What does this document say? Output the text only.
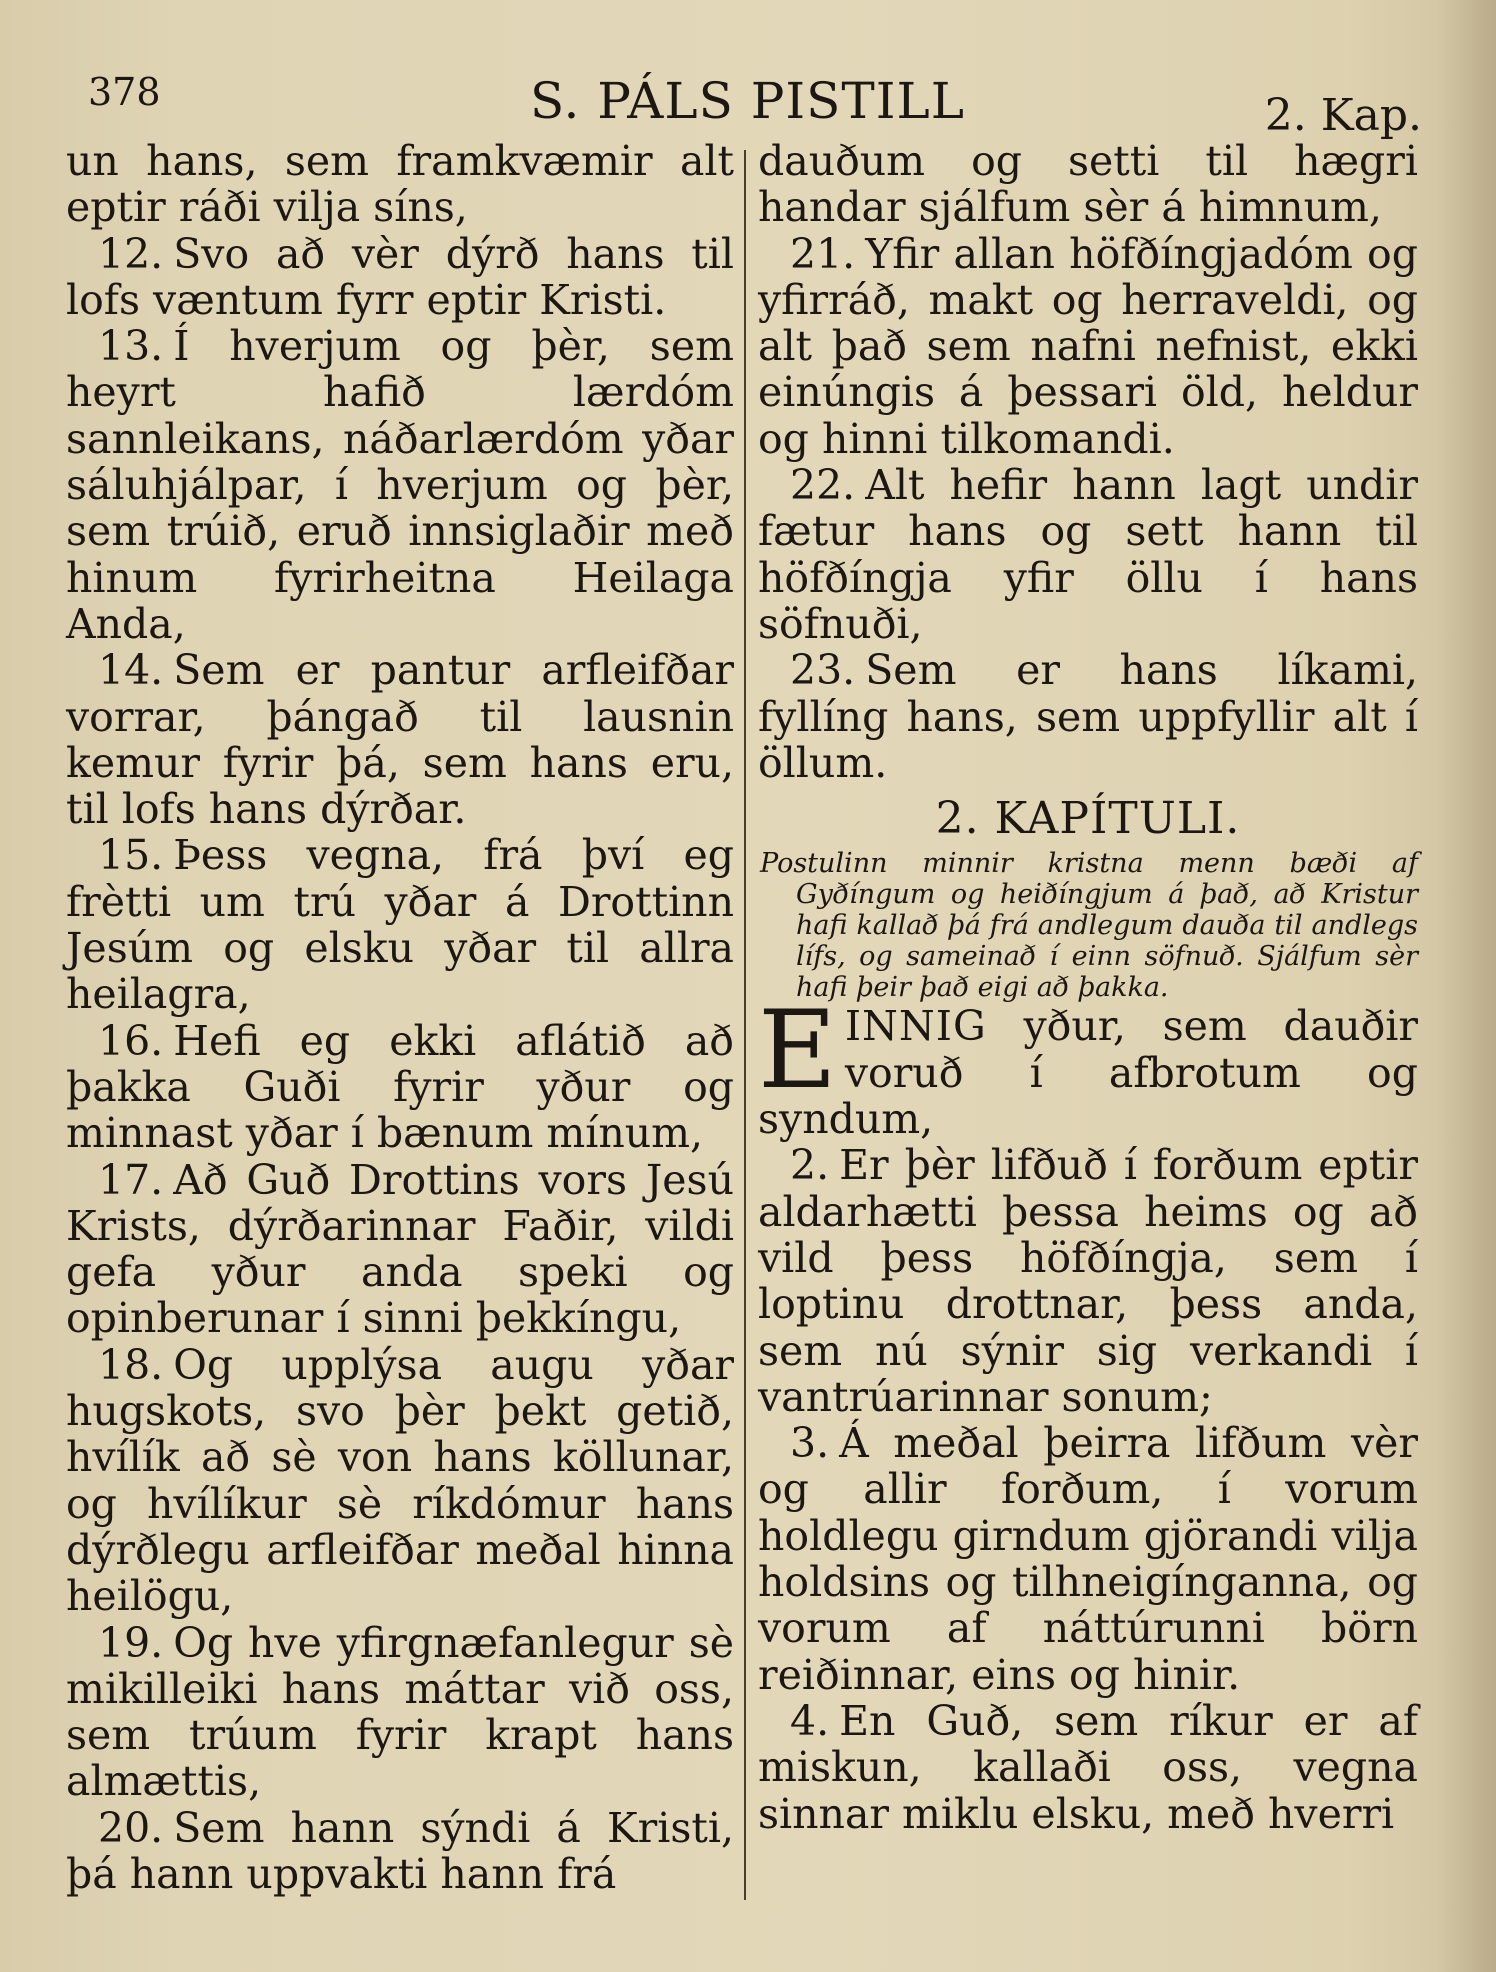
378	S. PÁLS PISTILL	2. Kap.

un hans, sem framkvæmir alt eptir ráði vilja síns,

12. Svo að vèr dýrð hans til lofs væntum fyrr eptir Kristi.

13. Í hverjum og þèr, sem heyrt hafið lærdóm sannleikans, náðarlærdóm yðar sáluhjálpar, í hverjum og þèr, sem trúið, eruð innsiglaðir með hinum fyrirheitna Heilaga Anda,

14. Sem er pantur arfleifðar vorrar, þángað til lausnin kemur fyrir þá, sem hans eru, til lofs hans dýrðar.

15. Þess vegna, frá því eg frètti um trú yðar á Drottinn Jesúm og elsku yðar til allra heilagra,

16. Hefi eg ekki aflátið að þakka Guði fyrir yður og minnast yðar í bænum mínum,

17. Að Guð Drottins vors Jesú Krists, dýrðarinnar Faðir, vildi gefa yður anda speki og opinberunar í sinni þekkíngu,

18. Og upplýsa augu yðar hugskots, svo þèr þekt getið, hvílík að sè von hans köllunar, og hvílíkur sè ríkdómur hans dýrðlegu arfleifðar meðal hinna heilögu,

19. Og hve yfirgnæfanlegur sè mikilleiki hans máttar við oss, sem trúum fyrir krapt hans almættis,

20. Sem hann sýndi á Kristi, þá hann uppvakti hann frá

dauðum og setti til hægri handar sjálfum sèr á himnum,

21. Yfir allan höfðíngjadóm og yfirráð, makt og herraveldi, og alt það sem nafni nefnist, ekki einúngis á þessari öld, heldur og hinni tilkomandi.

22. Alt hefir hann lagt undir fætur hans og sett hann til höfðíngja yfir öllu í hans söfnuði,

23. Sem er hans líkami, fyllíng hans, sem uppfyllir alt í öllum.

2. KAPÍTULI.

Postulinn minnir kristna menn bæði af Gyðíngum og heiðíngjum á það, að Kristur hafi kallað þá frá andlegum dauða til andlegs lífs, og sameinað í einn söfnuð. Sjálfum sèr hafi þeir það eigi að þakka.

EINNIG yður, sem dauðir voruð í afbrotum og syndum,

2. Er þèr lifðuð í forðum eptir aldarhætti þessa heims og að vild þess höfðíngja, sem í loptinu drottnar, þess anda, sem nú sýnir sig verkandi í vantrúarinnar sonum;

3. Á meðal þeirra lifðum vèr og allir forðum, í vorum holdlegu girndum gjörandi vilja holdsins og tilhneigínganna, og vorum af náttúrunni börn reiðinnar, eins og hinir.

4. En Guð, sem ríkur er af miskun, kallaði oss, vegna sinnar miklu elsku, með hverri
